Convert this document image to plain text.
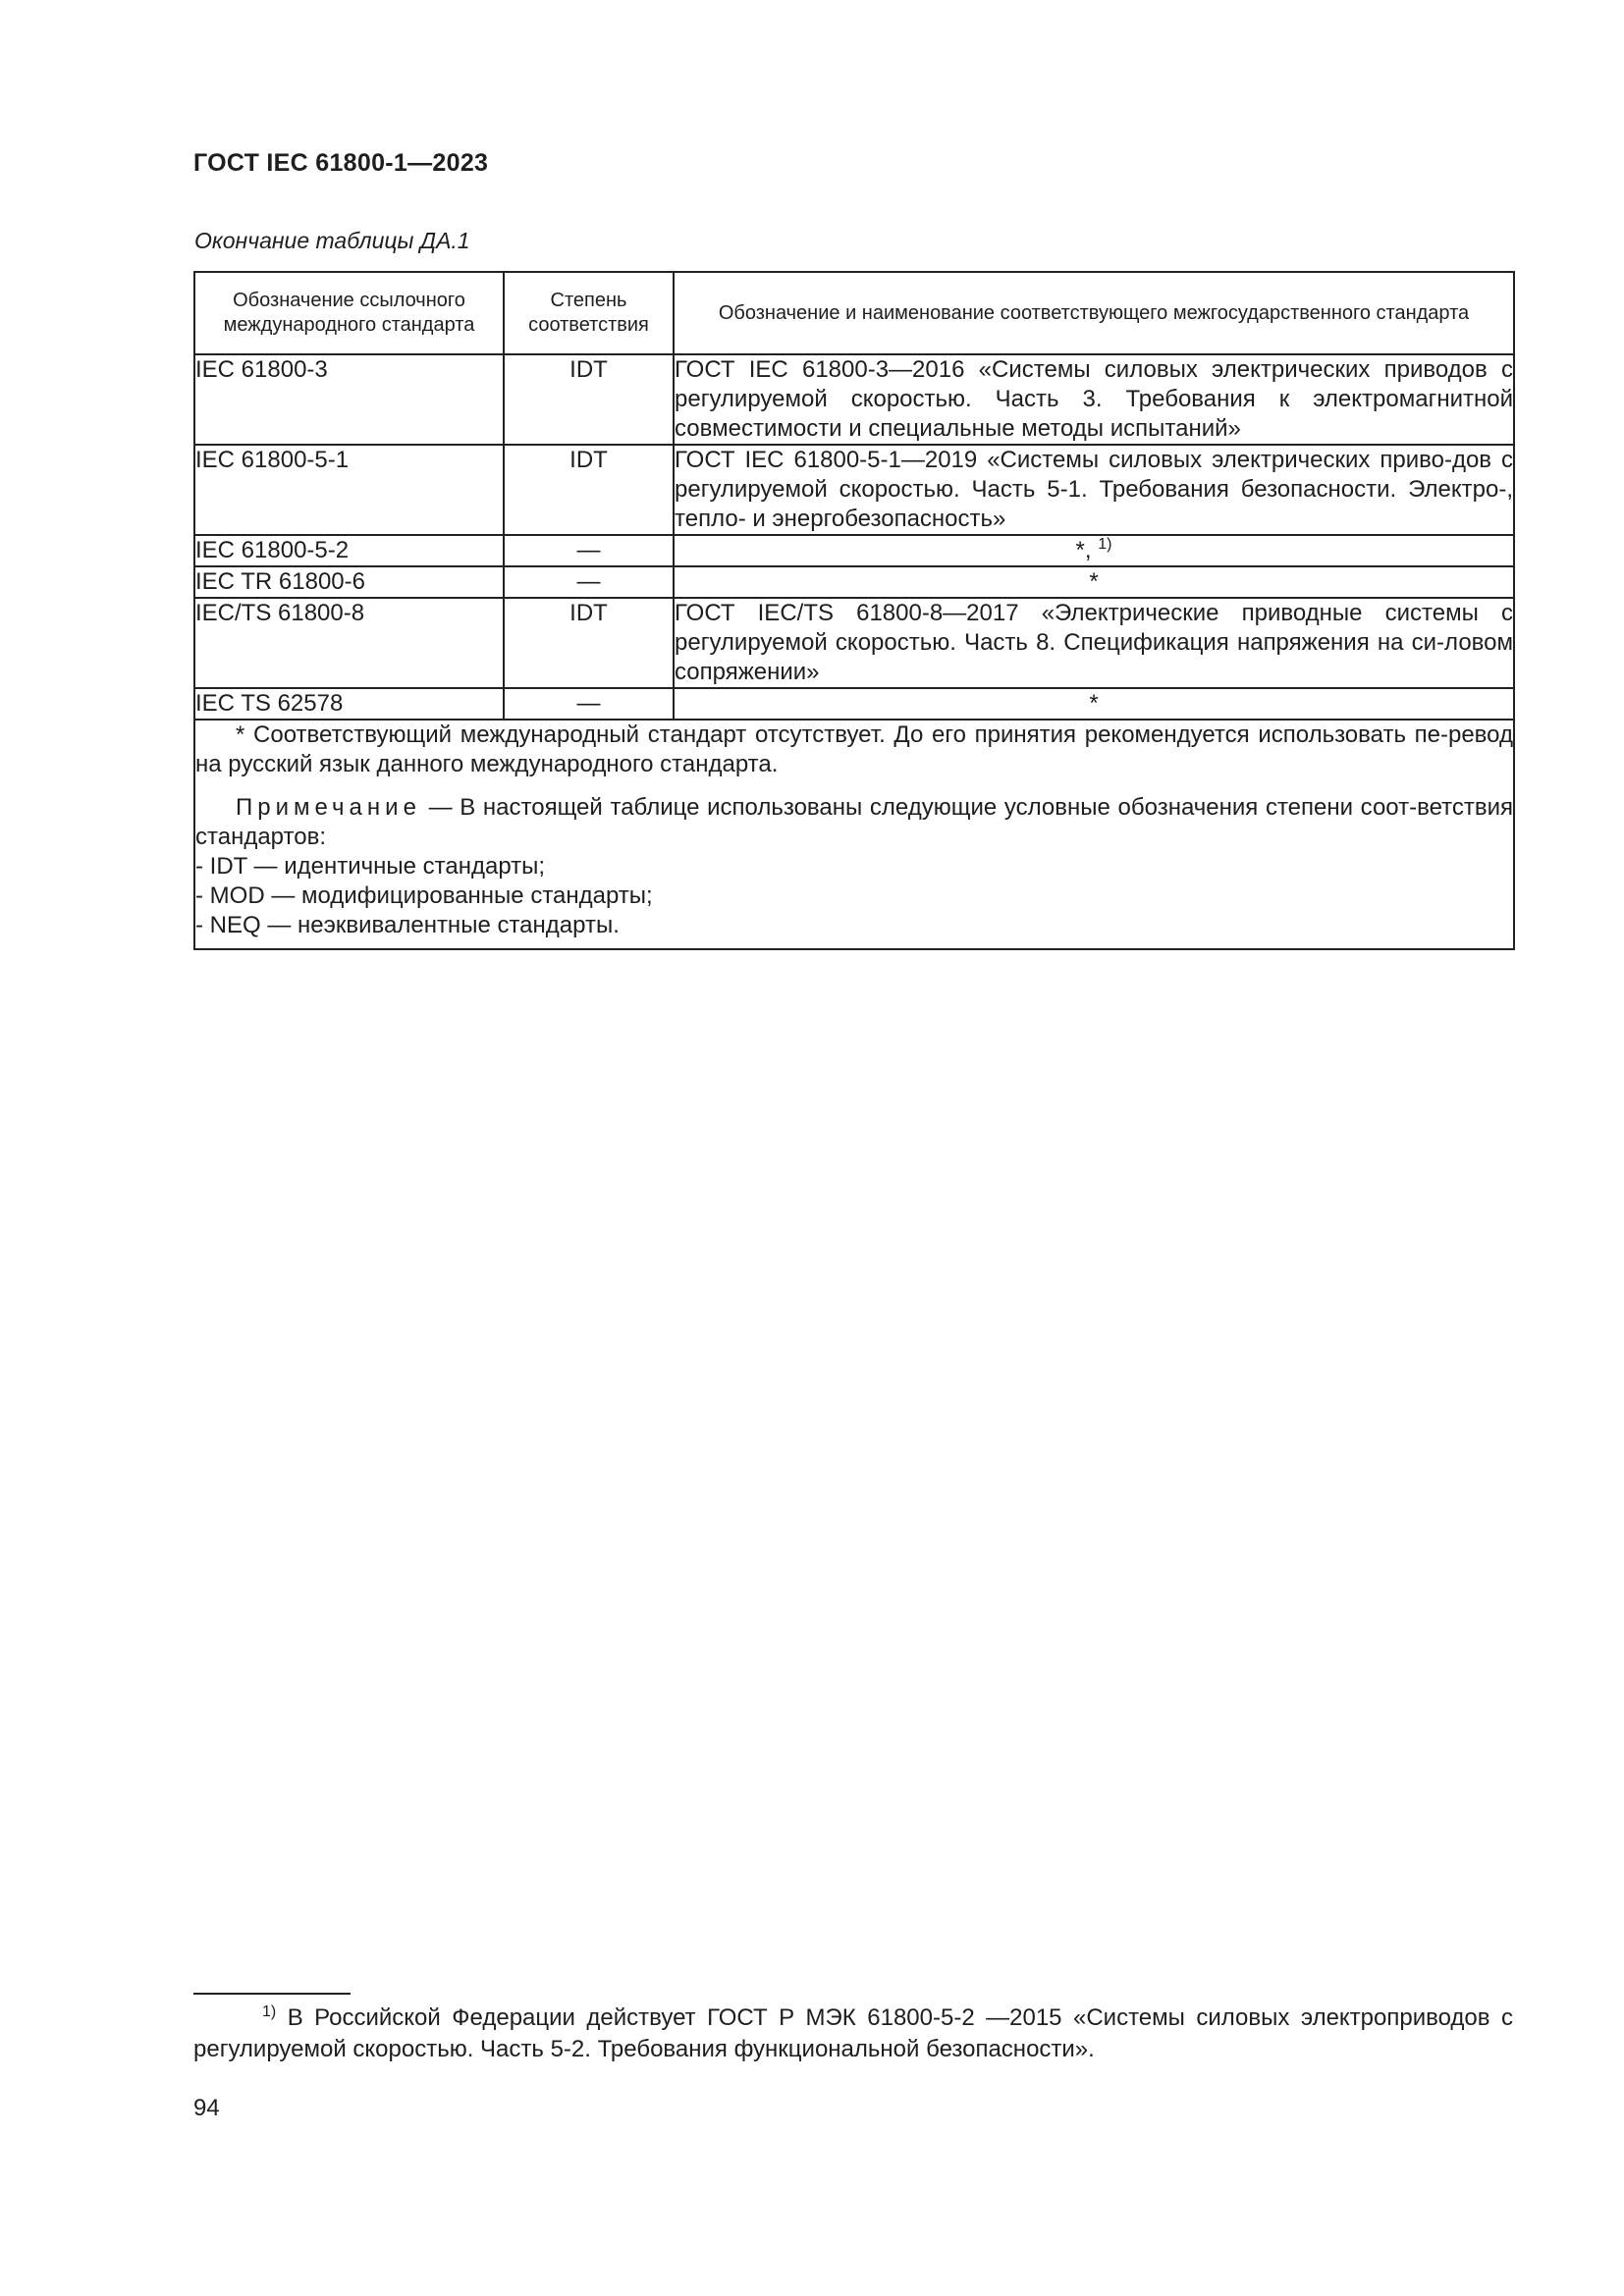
ГОСТ IEC 61800-1—2023
Окончание таблицы ДА.1
Обозначение ссылочного международного стандарта	Степень соответствия	Обозначение и наименование соответствующего межгосударственного стандарта
IEC 61800-3	IDT	ГОСТ IEC 61800-3—2016 «Системы силовых электрических приводов с регулируемой скоростью. Часть 3. Требования к электромагнитной совместимости и специальные методы испытаний»
IEC 61800-5-1	IDT	ГОСТ IEC 61800-5-1—2019 «Системы силовых электрических приво-дов с регулируемой скоростью. Часть 5-1. Требования безопасности. Электро-, тепло- и энергобезопасность»
IEC 61800-5-2	—	*, $^{1)}$
IEC TR 61800-6	—	*
IEC/TS 61800-8	IDT	ГОСТ IEC/TS 61800-8—2017 «Электрические приводные системы с регулируемой скоростью. Часть 8. Спецификация напряжения на си-ловом сопряжении»
IEC TS 62578	—	*

* Соответствующий международный стандарт отсутствует. До его принятия рекомендуется использовать пе-ревод на русский язык данного международного стандарта.

Примечание — В настоящей таблице использованы следующие условные обозначения степени соот-ветствия стандартов:

- IDT — идентичные стандарты;
- MOD — модифицированные стандарты;
- NEQ — неэквивалентные стандарты.		
$^{1)}$ В Российской Федерации действует ГОСТ Р МЭК 61800-5-2 —2015 «Системы силовых электроприводов с регулируемой скоростью. Часть 5-2. Требования функциональной безопасности».
94
